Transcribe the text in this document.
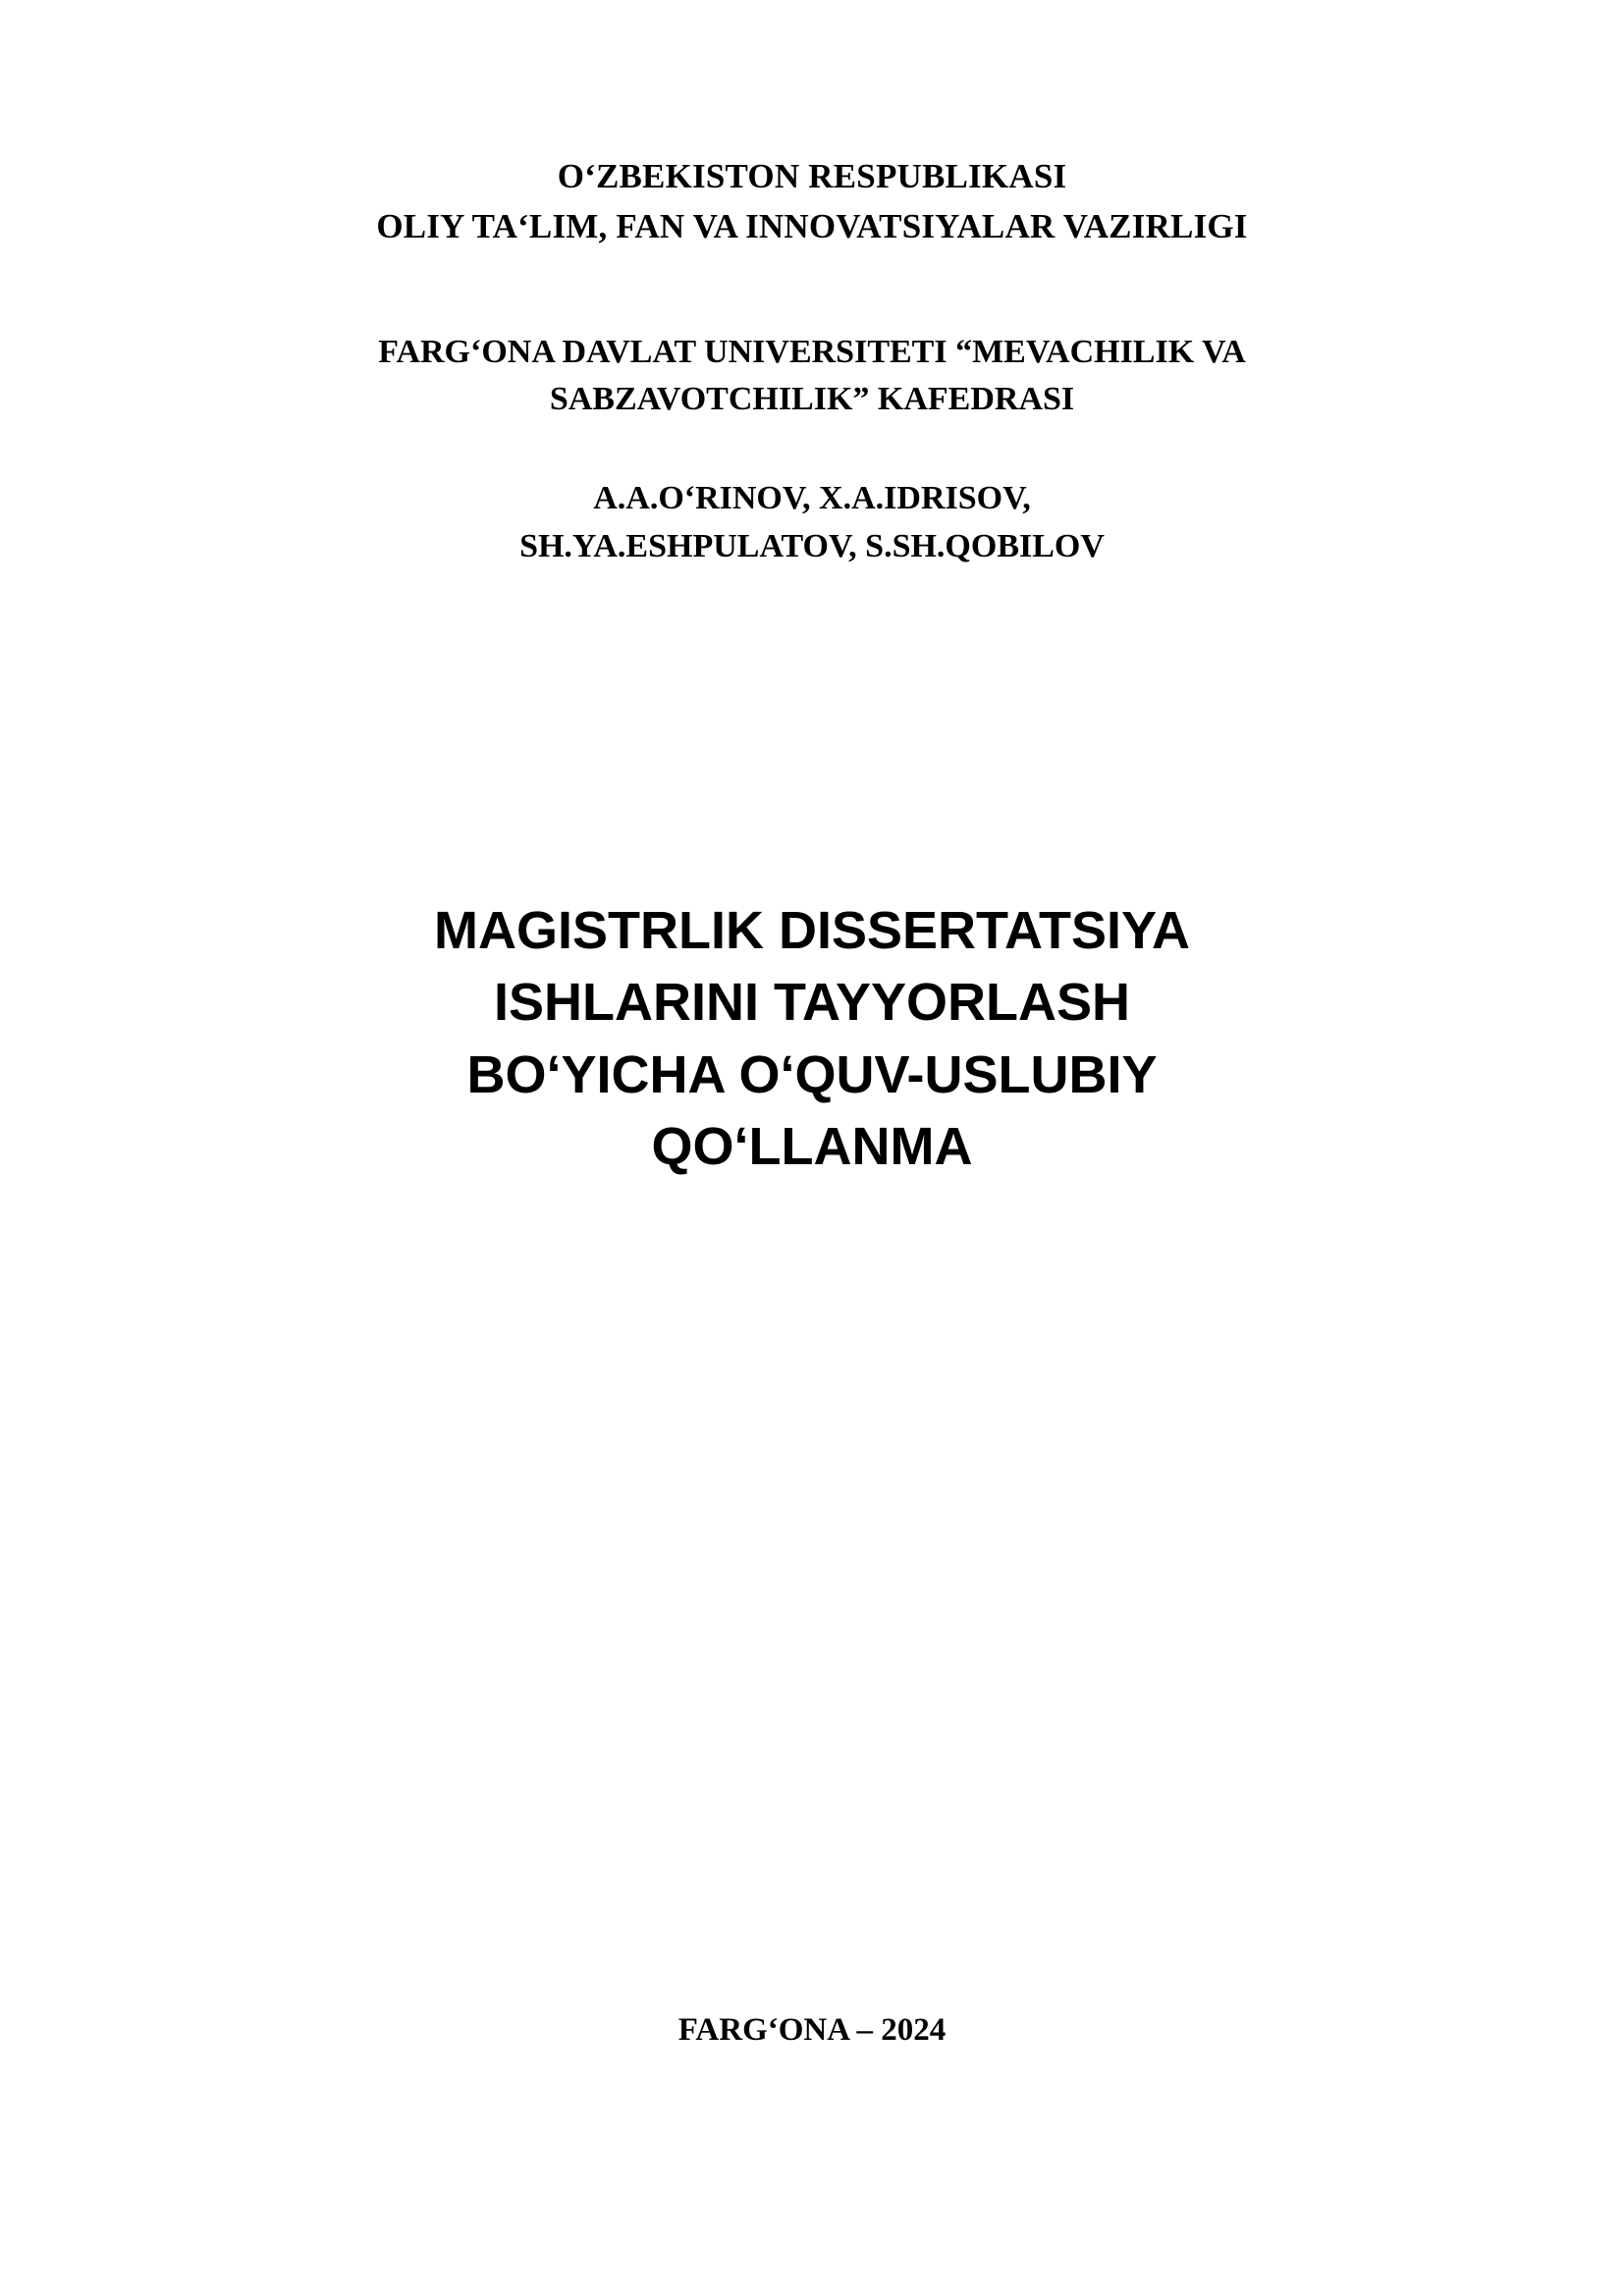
O‘ZBEKISTON RESPUBLIKASI
OLIY TA‘LIM, FAN VA INNOVATSIYALAR VAZIRLIGI
FARG‘ONA DAVLAT UNIVERSITETI “MEVACHILIK VA
SABZAVOTCHILIK” KAFEDRASI
A.A.O‘RINOV, X.A.IDRISOV,
SH.YA.ESHPULATOV, S.SH.QOBILOV
MAGISTRLIK DISSERTATSIYA
ISHLARINI TAYYORLASH
BO‘YICHA O‘QUV-USLUBIY
QO‘LLANMA
FARG‘ONA – 2024
